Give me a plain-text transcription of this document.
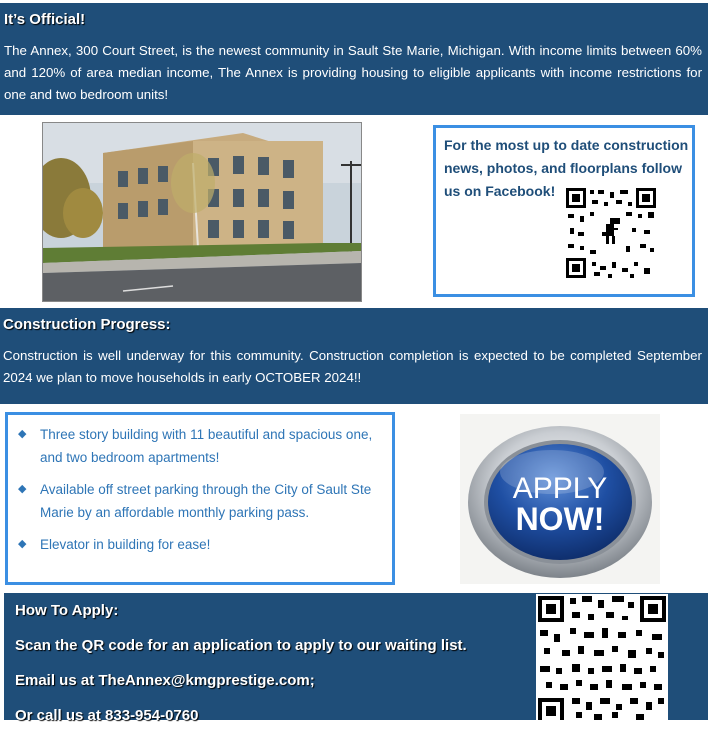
It’s Official!

The Annex, 300 Court Street, is the newest community in Sault Ste Marie, Michigan. With income limits between 60% and 120% of area median income, The Annex is providing housing to eligible applicants with income restrictions for one and two bedroom units!

For the most up to date construction news, photos, and floorplans follow us on Facebook!
Construction Progress:

Construction is well underway for this community. Construction completion is expected to be completed September 2024 we plan to move households in early OCTOBER 2024!!

◆ Three story building with 11 beautiful and spacious one, and two bedroom apartments!
◆ Available off street parking through the City of Sault Ste Marie by an affordable monthly parking pass.
◆ Elevator in building for ease!
APPLY
NOW!
How To Apply:
Scan the QR code for an application to apply to our waiting list.
Email us at TheAnnex@kmgprestige.com;
Or call us at 833-954-0760
